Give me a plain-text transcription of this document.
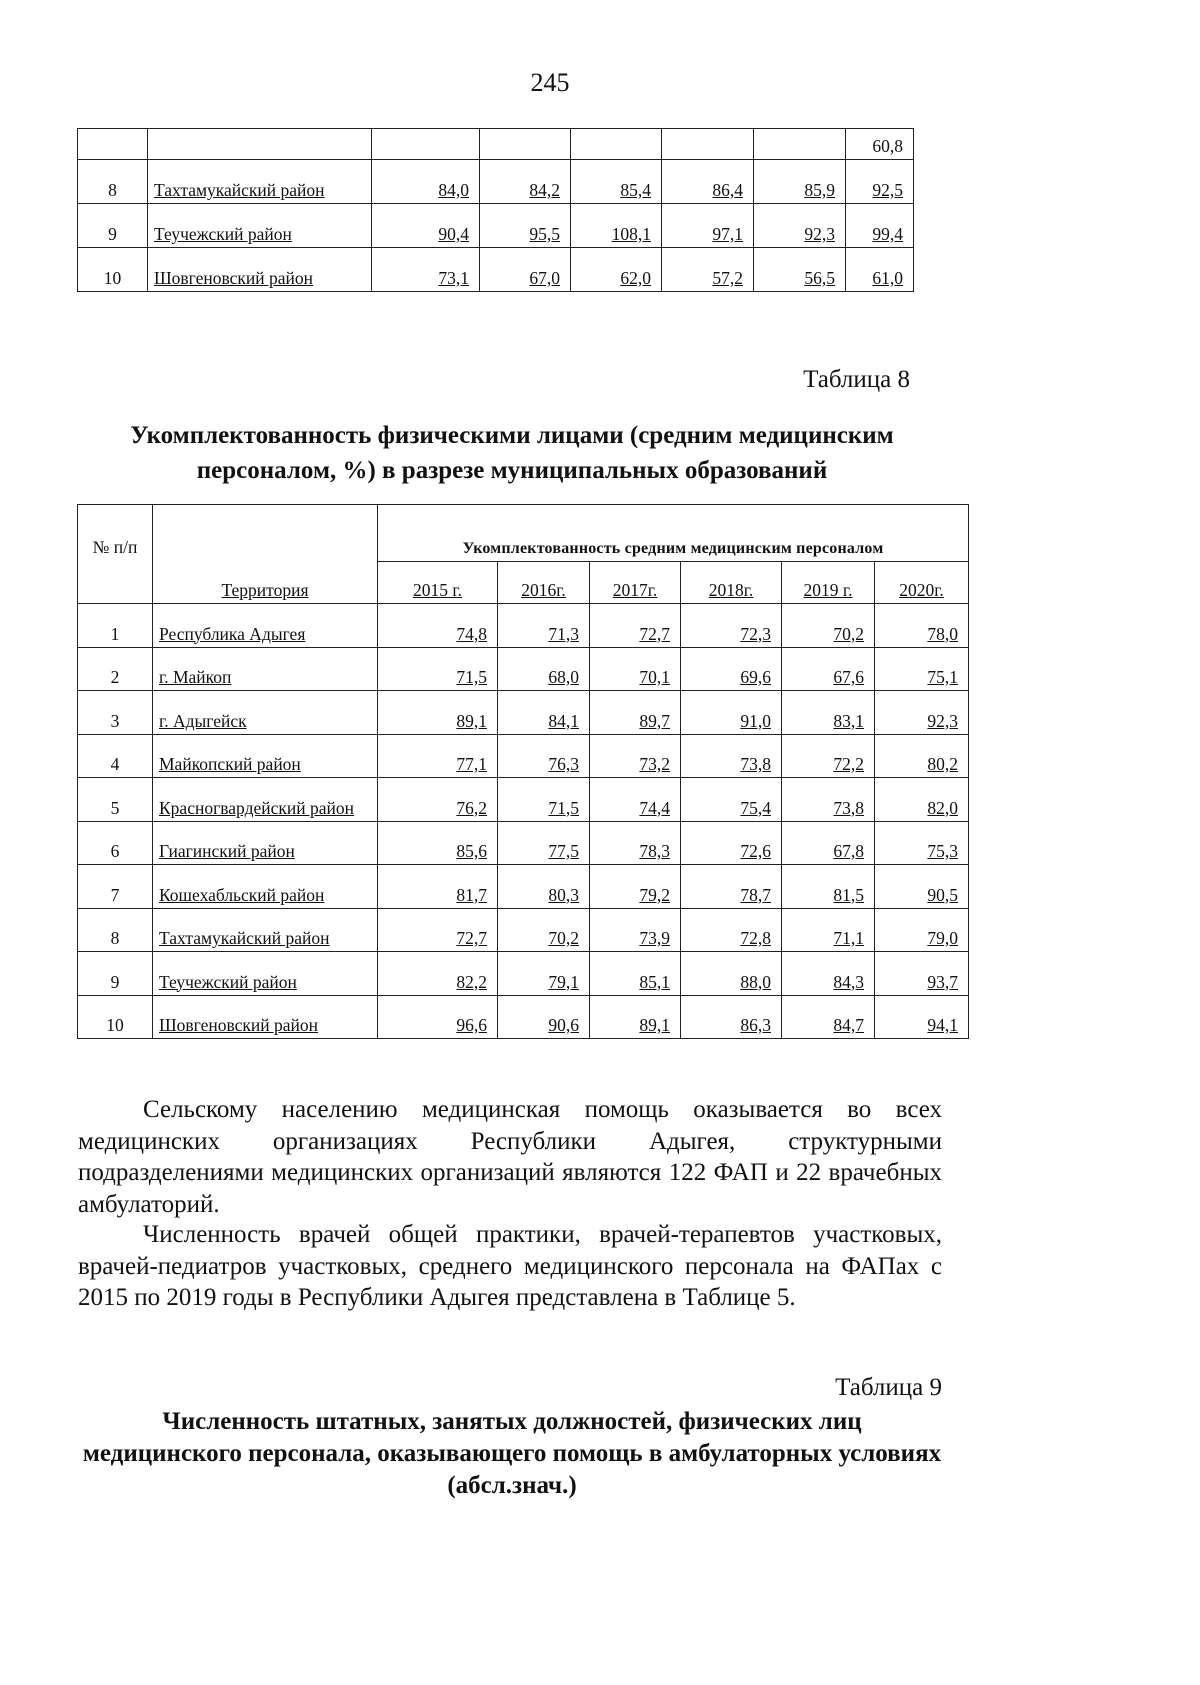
245
							60,8
8	Тахтамукайский район	84,0	84,2	85,4	86,4	85,9	92,5
9	Теучежский район	90,4	95,5	108,1	97,1	92,3	99,4
10	Шовгеновский район	73,1	67,0	62,0	57,2	56,5	61,0
Таблица 8
Укомплектованность физическими лицами (средним медицинским персоналом, %) в разрезе муниципальных образований
№ п/п	Территория	Укомплектованность средним медицинским персоналом					
		2015 г.	2016г.	2017г.	2018г.	2019 г.	2020г.
1	Республика Адыгея	74,8	71,3	72,7	72,3	70,2	78,0
2	г. Майкоп	71,5	68,0	70,1	69,6	67,6	75,1
3	г. Адыгейск	89,1	84,1	89,7	91,0	83,1	92,3
4	Майкопский район	77,1	76,3	73,2	73,8	72,2	80,2
5	Красногвардейский район	76,2	71,5	74,4	75,4	73,8	82,0
6	Гиагинский район	85,6	77,5	78,3	72,6	67,8	75,3
7	Кошехабльский район	81,7	80,3	79,2	78,7	81,5	90,5
8	Тахтамукайский район	72,7	70,2	73,9	72,8	71,1	79,0
9	Теучежский район	82,2	79,1	85,1	88,0	84,3	93,7
10	Шовгеновский район	96,6	90,6	89,1	86,3	84,7	94,1

Сельскому населению медицинская помощь оказывается во всех медицинских организациях Республики Адыгея, структурными подразделениями медицинских организаций являются 122 ФАП и 22 врачебных амбулаторий.

Численность врачей общей практики, врачей-терапевтов участковых, врачей-педиатров участковых, среднего медицинского персонала на ФАПах с 2015 по 2019 годы в Республики Адыгея представлена в Таблице 5.

Таблица 9
Численность штатных, занятых должностей, физических лиц медицинского персонала, оказывающего помощь в амбулаторных условиях (абсл.знач.)
